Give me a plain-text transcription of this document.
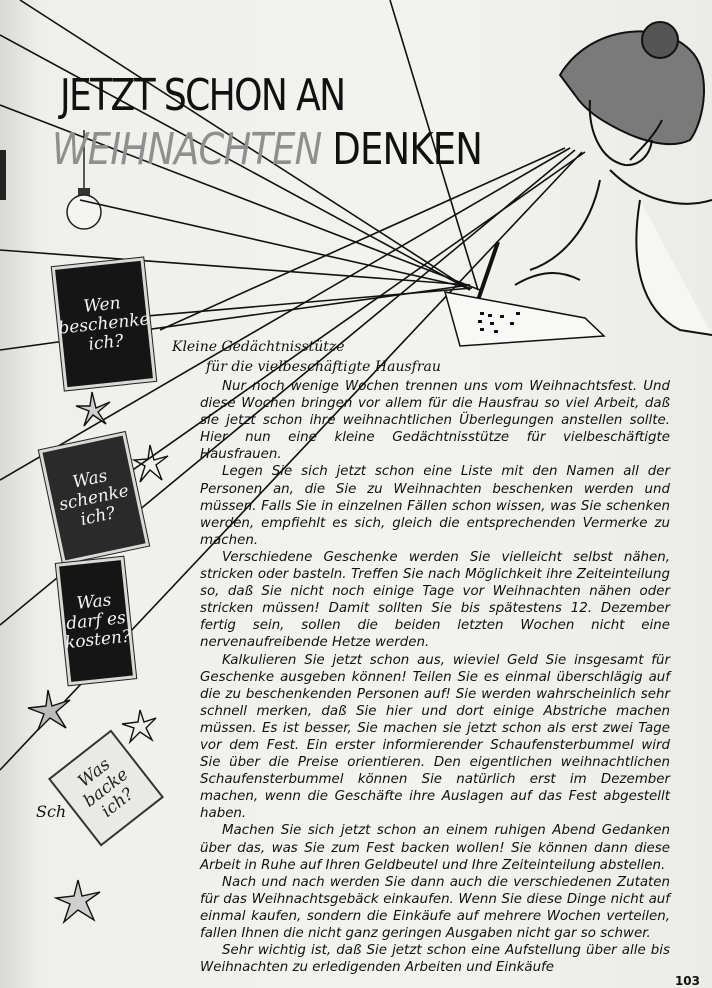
JETZT SCHON AN
WEIHNACHTEN DENKEN
Wen
beschenke
ich?
Was
schenke
ich?
Was
darf es
kosten?
Was
backe
ich?
Sch
Kleine Gedächtnisstütze
für die vielbeschäftigte Hausfrau

Nur noch wenige Wochen trennen uns vom Weihnachtsfest. Und diese Wochen bringen vor allem für die Hausfrau so viel Arbeit, daß sie jetzt schon ihre weihnachtlichen Überlegungen anstellen sollte. Hier nun eine kleine Gedächtnisstütze für vielbeschäftigte Hausfrauen.

Legen Sie sich jetzt schon eine Liste mit den Namen all der Personen an, die Sie zu Weihnachten beschenken werden und müssen. Falls Sie in einzelnen Fällen schon wissen, was Sie schenken werden, empfiehlt es sich, gleich die entsprechenden Vermerke zu machen.

Verschiedene Geschenke werden Sie vielleicht selbst nähen, stricken oder basteln. Treffen Sie nach Möglichkeit ihre Zeiteinteilung so, daß Sie nicht noch einige Tage vor Weihnachten nähen oder stricken müssen! Damit sollten Sie bis spätestens 12. Dezember fertig sein, sollen die beiden letzten Wochen nicht eine nervenaufreibende Hetze werden.

Kalkulieren Sie jetzt schon aus, wieviel Geld Sie insgesamt für Geschenke ausgeben können! Teilen Sie es einmal überschlägig auf die zu beschenkenden Personen auf! Sie werden wahrscheinlich sehr schnell merken, daß Sie hier und dort einige Abstriche machen müssen. Es ist besser, Sie machen sie jetzt schon als erst zwei Tage vor dem Fest. Ein erster informierender Schaufensterbummel wird Sie über die Preise orientieren. Den eigentlichen weihnachtlichen Schaufensterbummel können Sie natürlich erst im Dezember machen, wenn die Geschäfte ihre Auslagen auf das Fest abgestellt haben.

Machen Sie sich jetzt schon an einem ruhigen Abend Gedanken über das, was Sie zum Fest backen wollen! Sie können dann diese Arbeit in Ruhe auf Ihren Geldbeutel und Ihre Zeiteinteilung abstellen.

Nach und nach werden Sie dann auch die verschiedenen Zutaten für das Weihnachtsgebäck einkaufen. Wenn Sie diese Dinge nicht auf einmal kaufen, sondern die Einkäufe auf mehrere Wochen verteilen, fallen Ihnen die nicht ganz geringen Ausgaben nicht gar so schwer.

Sehr wichtig ist, daß Sie jetzt schon eine Aufstellung über alle bis Weihnachten zu erledigenden Arbeiten und Einkäufe

103
